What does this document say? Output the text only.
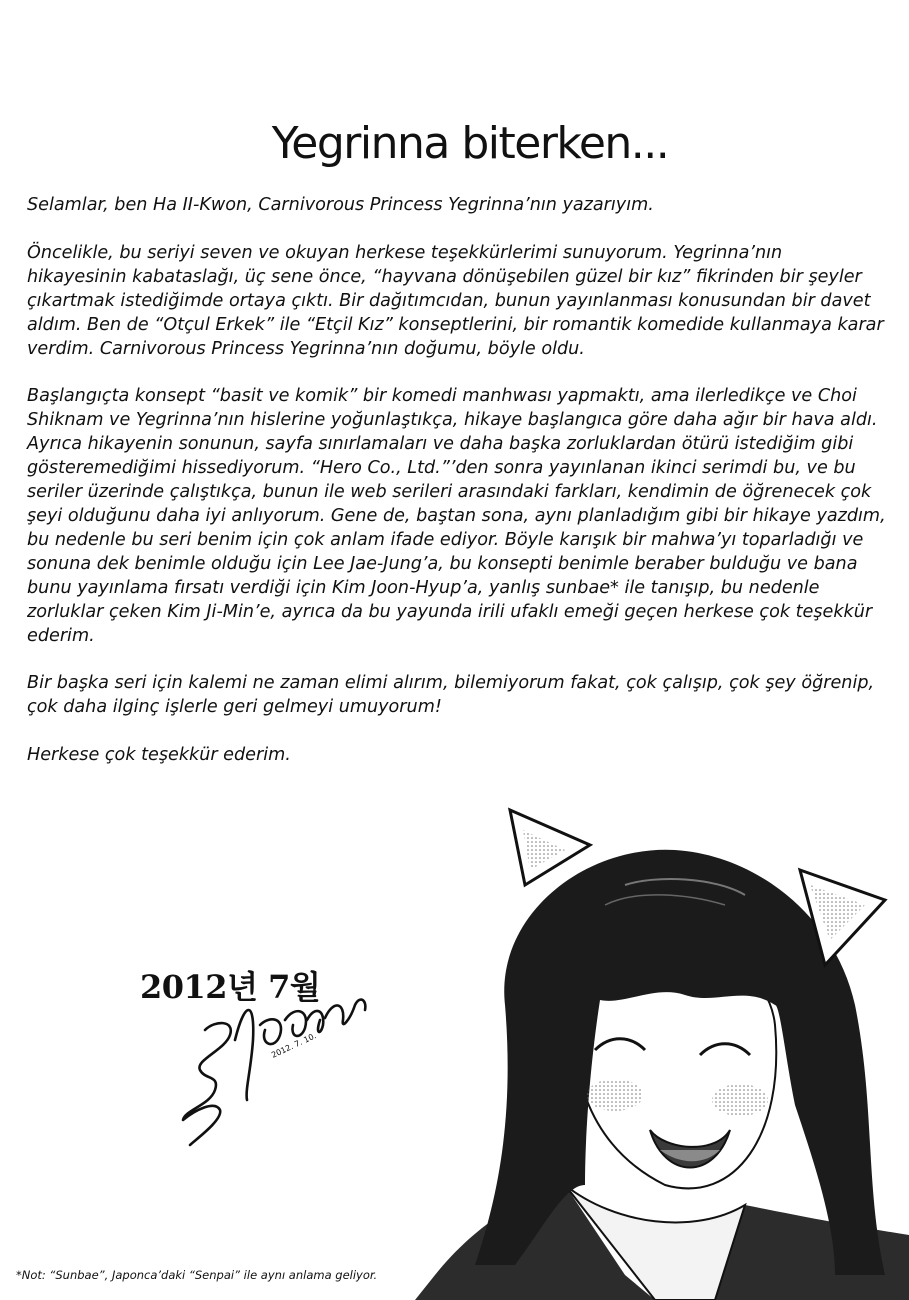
Yegrinna biterken...

Selamlar, ben Ha II-Kwon, Carnivorous Princess Yegrinna’nın yazarıyım.

Öncelikle, bu seriyi seven ve okuyan herkese teşekkürlerimi sunuyorum. Yegrinna’nın hikayesinin kabataslağı, üç sene önce, “hayvana dönüşebilen güzel bir kız” fikrinden bir şeyler çıkartmak istediğimde ortaya çıktı. Bir dağıtımcıdan, bunun yayınlanması konusundan bir davet aldım. Ben de “Otçul Erkek” ile “Etçil Kız” konseptlerini, bir romantik komedide kullanmaya karar verdim. Carnivorous Princess Yegrinna’nın doğumu, böyle oldu.

Başlangıçta konsept “basit ve komik” bir komedi manhwası yapmaktı, ama ilerledikçe ve Choi Shiknam ve Yegrinna’nın hislerine yoğunlaştıkça, hikaye başlangıca göre daha ağır bir hava aldı. Ayrıca hikayenin sonunun, sayfa sınırlamaları ve daha başka zorluklardan ötürü istediğim gibi gösteremediğimi hissediyorum. “Hero Co., Ltd.”’den sonra yayınlanan ikinci serimdi bu, ve bu seriler üzerinde çalıştıkça, bunun ile web serileri arasındaki farkları, kendimin de öğrenecek çok şeyi olduğunu daha iyi anlıyorum. Gene de, baştan sona, aynı planladığım gibi bir hikaye yazdım, bu nedenle bu seri benim için çok anlam ifade ediyor. Böyle karışık bir mahwa’yı toparladığı ve sonuna dek benimle olduğu için Lee Jae-Jung’a, bu konsepti benimle beraber bulduğu ve bana bunu yayınlama fırsatı verdiği için Kim Joon-Hyup’a, yanlış sunbae* ile tanışıp, bu nedenle zorluklar çeken Kim Ji-Min’e, ayrıca da bu yayunda irili ufaklı emeği geçen herkese çok teşekkür ederim.

Bir başka seri için kalemi ne zaman elimi alırım, bilemiyorum fakat, çok çalışıp, çok şey öğrenip, çok daha ilginç işlerle geri gelmeyi umuyorum!

Herkese çok teşekkür ederim.

2012년 7월
2012. 7. 10.
*Not: “Sunbae”, Japonca’daki “Senpai” ile aynı anlama geliyor.
